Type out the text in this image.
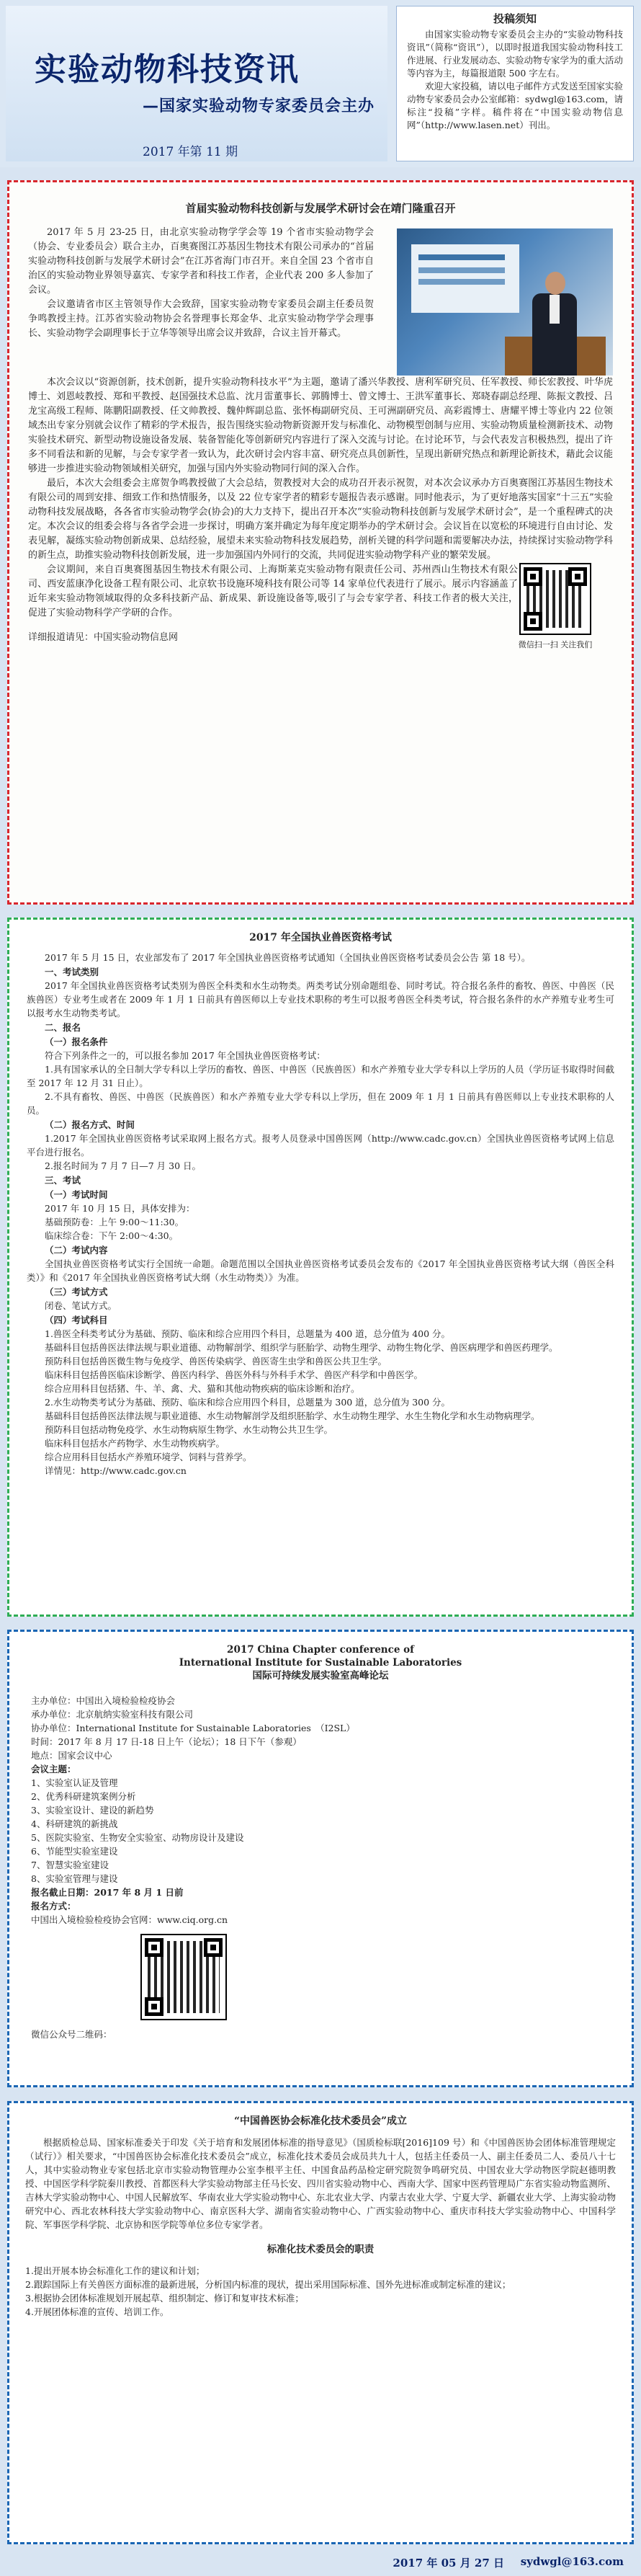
实验动物科技资讯
—国家实验动物专家委员会主办
2017 年第 11 期
投稿须知

由国家实验动物专家委员会主办的“实验动物科技资讯”（简称“资讯”），以即时报道我国实验动物科技工作进展、行业发展动态、实验动物专家学为的重大活动等内容为主，每篇报道限 500 字左右。

欢迎大家投稿，请以电子邮件方式发送至国家实验动物专家委员会办公室邮箱：sydwgl@163.com，请标注“投稿”字样。稿件将在“中国实验动物信息网”（http://www.lasen.net）刊出。

首届实验动物科技创新与发展学术研讨会在靖门隆重召开

2017 年 5 月 23-25 日，由北京实验动物学学会等 19 个省市实验动物学会（协会、专业委员会）联合主办，百奥赛图江苏基因生物技术有限公司承办的“首届实验动物科技创新与发展学术研讨会”在江苏省海门市召开。来自全国 23 个省市自治区的实验动物业界领导嘉宾、专家学者和科技工作者，企业代表 200 多人参加了会议。

会议邀请省市区主管领导作大会致辞，国家实验动物专家委员会副主任委员贺争鸣教授主持。江苏省实验动物协会名誉理事长郑金华、北京实验动物学学会理事长、实验动物学会副理事长于立华等领导出席会议并致辞，合议主旨开幕式。

本次会议以“资源创新，技术创新，提升实验动物科技水平”为主题，邀请了潘兴华教授、唐利军研究员、任军教授、师长宏教授、叶华虎博士、刘恩岐教授、郑和平教授、赵国强技术总监、沈月雷董事长、郭腾博士、曾文博士、王洪军董事长、郑晓春副总经理、陈振文教授、吕龙宝高级工程师、陈鹏阳副教授、任文帅教授、魏仲辉副总监、张怀梅副研究员、王可洲副研究员、高彩霞博士、唐耀平博士等业内 22 位领域杰出专家分别就会议作了精彩的学术报告，报告围绕实验动物新资源开发与标准化、动物模型创制与应用、实验动物质量检测新技术、动物实验技术研究、新型动物设施设备发展、装备智能化等创新研究内容进行了深入交流与讨论。在讨论环节，与会代表发言积极热烈，提出了许多不同看法和新的见解，与会专家学者一致认为，此次研讨会内容丰富、研究亮点具创新性，呈现出新研究热点和新理论新技术，藉此会议能够进一步推进实验动物领域相关研究，加强与国内外实验动物同行间的深入合作。

最后，本次大会组委会主席贺争鸣教授做了大会总结，贺教授对大会的成功召开表示祝贺，对本次会议承办方百奥赛图江苏基因生物技术有限公司的周到安排、细致工作和热情服务，以及 22 位专家学者的精彩专题报告表示感谢。同时他表示，为了更好地落实国家“十三五”实验动物科技发展战略，各各省市实验动物学会(协会)的大力支持下，提出召开本次“实验动物科技创新与发展学术研讨会”，是一个重程碑式的决定。本次会议的组委会将与各省学会进一步探讨，明确方案并确定为每年度定期举办的学术研讨会。会议旨在以宽松的环境进行自由讨论、发表见解，凝练实验动物创新成果、总结经验，展望未来实验动物科技发展趋势，剖析关键的科学问题和需要解决办法，持续探讨实验动物学科的新生点，助推实验动物科技创新发展，进一步加强国内外同行的交流，共同促进实验动物学科产业的繁荣发展。

会议期间，来自百奥赛图基因生物技术有限公司、上海斯莱克实验动物有限责任公司、苏州西山生物技术有限公司、西安蓝康净化设备工程有限公司、北京软书设施环境科技有限公司等 14 家单位代表进行了展示。展示内容涵盖了近年来实验动物领域取得的众多科技新产品、新成果、新设施设备等,吸引了与会专家学者、科技工作者的极大关注，促进了实验动物科学产学研的合作。

详细报道请见：中国实验动物信息网

微信扫一扫 关注我们
2017 年全国执业兽医资格考试

2017 年 5 月 15 日，农业部发布了 2017 年全国执业兽医资格考试通知（全国执业兽医资格考试委员会公告 第 18 号）。

一、考试类别

2017 年全国执业兽医资格考试类别为兽医全科类和水生动物类。两类考试分别命题组卷、同时考试。符合报名条件的畜牧、兽医、中兽医（民族兽医）专业考生或者在 2009 年 1 月 1 日前具有兽医师以上专业技术职称的考生可以报考兽医全科类考试，符合报名条件的水产养殖专业考生可以报考水生动物类考试。

二、报名

（一）报名条件

符合下列条件之一的，可以报名参加 2017 年全国执业兽医资格考试：

1.具有国家承认的全日制大学专科以上学历的畜牧、兽医、中兽医（民族兽医）和水产养殖专业大学专科以上学历的人员（学历证书取得时间截至 2017 年 12 月 31 日止）。

2.不具有畜牧、兽医、中兽医（民族兽医）和水产养殖专业大学专科以上学历，但在 2009 年 1 月 1 日前具有兽医师以上专业技术职称的人员。

（二）报名方式、时间

1.2017 年全国执业兽医资格考试采取网上报名方式。报考人员登录中国兽医网（http://www.cadc.gov.cn）全国执业兽医资格考试网上信息平台进行报名。

2.报名时间为 7 月 7 日—7 月 30 日。

三、考试

（一）考试时间

2017 年 10 月 15 日，具体安排为：

基础预防卷：上午 9:00～11:30。

临床综合卷：下午 2:00～4:30。

（二）考试内容

全国执业兽医资格考试实行全国统一命题。命题范围以全国执业兽医资格考试委员会发布的《2017 年全国执业兽医资格考试大纲（兽医全科类）》和《2017 年全国执业兽医资格考试大纲（水生动物类）》为准。

（三）考试方式

闭卷、笔试方式。

（四）考试科目

1.兽医全科类考试分为基础、预防、临床和综合应用四个科目，总题量为 400 道，总分值为 400 分。

基础科目包括兽医法律法规与职业道德、动物解剖学、组织学与胚胎学、动物生理学、动物生物化学、兽医病理学和兽医药理学。

预防科目包括兽医微生物与免疫学、兽医传染病学、兽医寄生虫学和兽医公共卫生学。

临床科目包括兽医临床诊断学、兽医内科学、兽医外科与外科手术学、兽医产科学和中兽医学。

综合应用科目包括猪、牛、羊、禽、犬、猫和其他动物疾病的临床诊断和治疗。

2.水生动物类考试分为基础、预防、临床和综合应用四个科目，总题量为 300 道，总分值为 300 分。

基础科目包括兽医法律法规与职业道德、水生动物解剖学及组织胚胎学、水生动物生理学、水生生物化学和水生动物病理学。

预防科目包括动物免疫学、水生动物病原生物学、水生动物公共卫生学。

临床科目包括水产药物学、水生动物疾病学。

综合应用科目包括水产养殖环境学、饲料与营养学。

详情见：http://www.cadc.gov.cn

2017 China Chapter conference of
International Institute for Sustainable Laboratories
国际可持续发展实验室高峰论坛

主办单位：中国出入境检验检疫协会

承办单位：北京航纳实验室科技有限公司

协办单位：International Institute for Sustainable Laboratories　（I2SL）

时间：2017 年 8 月 17 日-18 日上午（论坛）；18 日下午（参观）

地点：国家会议中心

会议主题：

1、实验室认证及管理

2、优秀科研建筑案例分析

3、实验室设计、建设的新趋势

4、科研建筑的新挑战

5、医院实验室、生物安全实验室、动物房设计及建设

6、节能型实验室建设

7、智慧实验室建设

8、实验室管理与建设

报名截止日期：2017 年 8 月 1 日前

报名方式：

中国出入境检验检疫协会官网：www.ciq.org.cn

微信公众号二维码：

“中国兽医协会标准化技术委员会”成立

根据质检总局、国家标准委关于印发《关于培育和发展团体标准的指导意见》（国质检标联[2016]109 号）和《中国兽医协会团体标准管理规定（试行）》相关要求，“中国兽医协会标准化技术委员会”成立，标准化技术委员会成员共九十人，包括主任委员一人、副主任委员二人、委员八十七人，其中实验动物业专家包括北京市实验动物管理办公室李根平主任、中国食品药品检定研究院贺争鸣研究员、中国农业大学动物医学院赵德明教授、中国医学科学院秦川教授、首都医科大学实验动物部主任马长安、四川省实验动物中心、西南大学、国家中医药管理局广东省实验动物监测所、吉林大学实验动物中心、中国人民解放军、华南农业大学实验动物中心、东北农业大学、内蒙古农业大学、宁夏大学、新疆农业大学、上海实验动物研究中心、西北农林科技大学实验动物中心、南京医科大学、湖南省实验动物中心、广西实验动物中心、重庆市科技大学实验动物中心、中国科学院、军事医学科学院、北京协和医学院等单位多位专家学者。

标准化技术委员会的职责

1.提出开展本协会标准化工作的建议和计划；

2.跟踪国际上有关兽医方面标准的最新进展，分析国内标准的现状，提出采用国际标准、国外先进标准或制定标准的建议；

3.根据协会团体标准规划开展起草、组织制定、修订和复审技术标准；

4.开展团体标准的宣传、培训工作。

2017 年 05 月 27 日 sydwgl@163.com
